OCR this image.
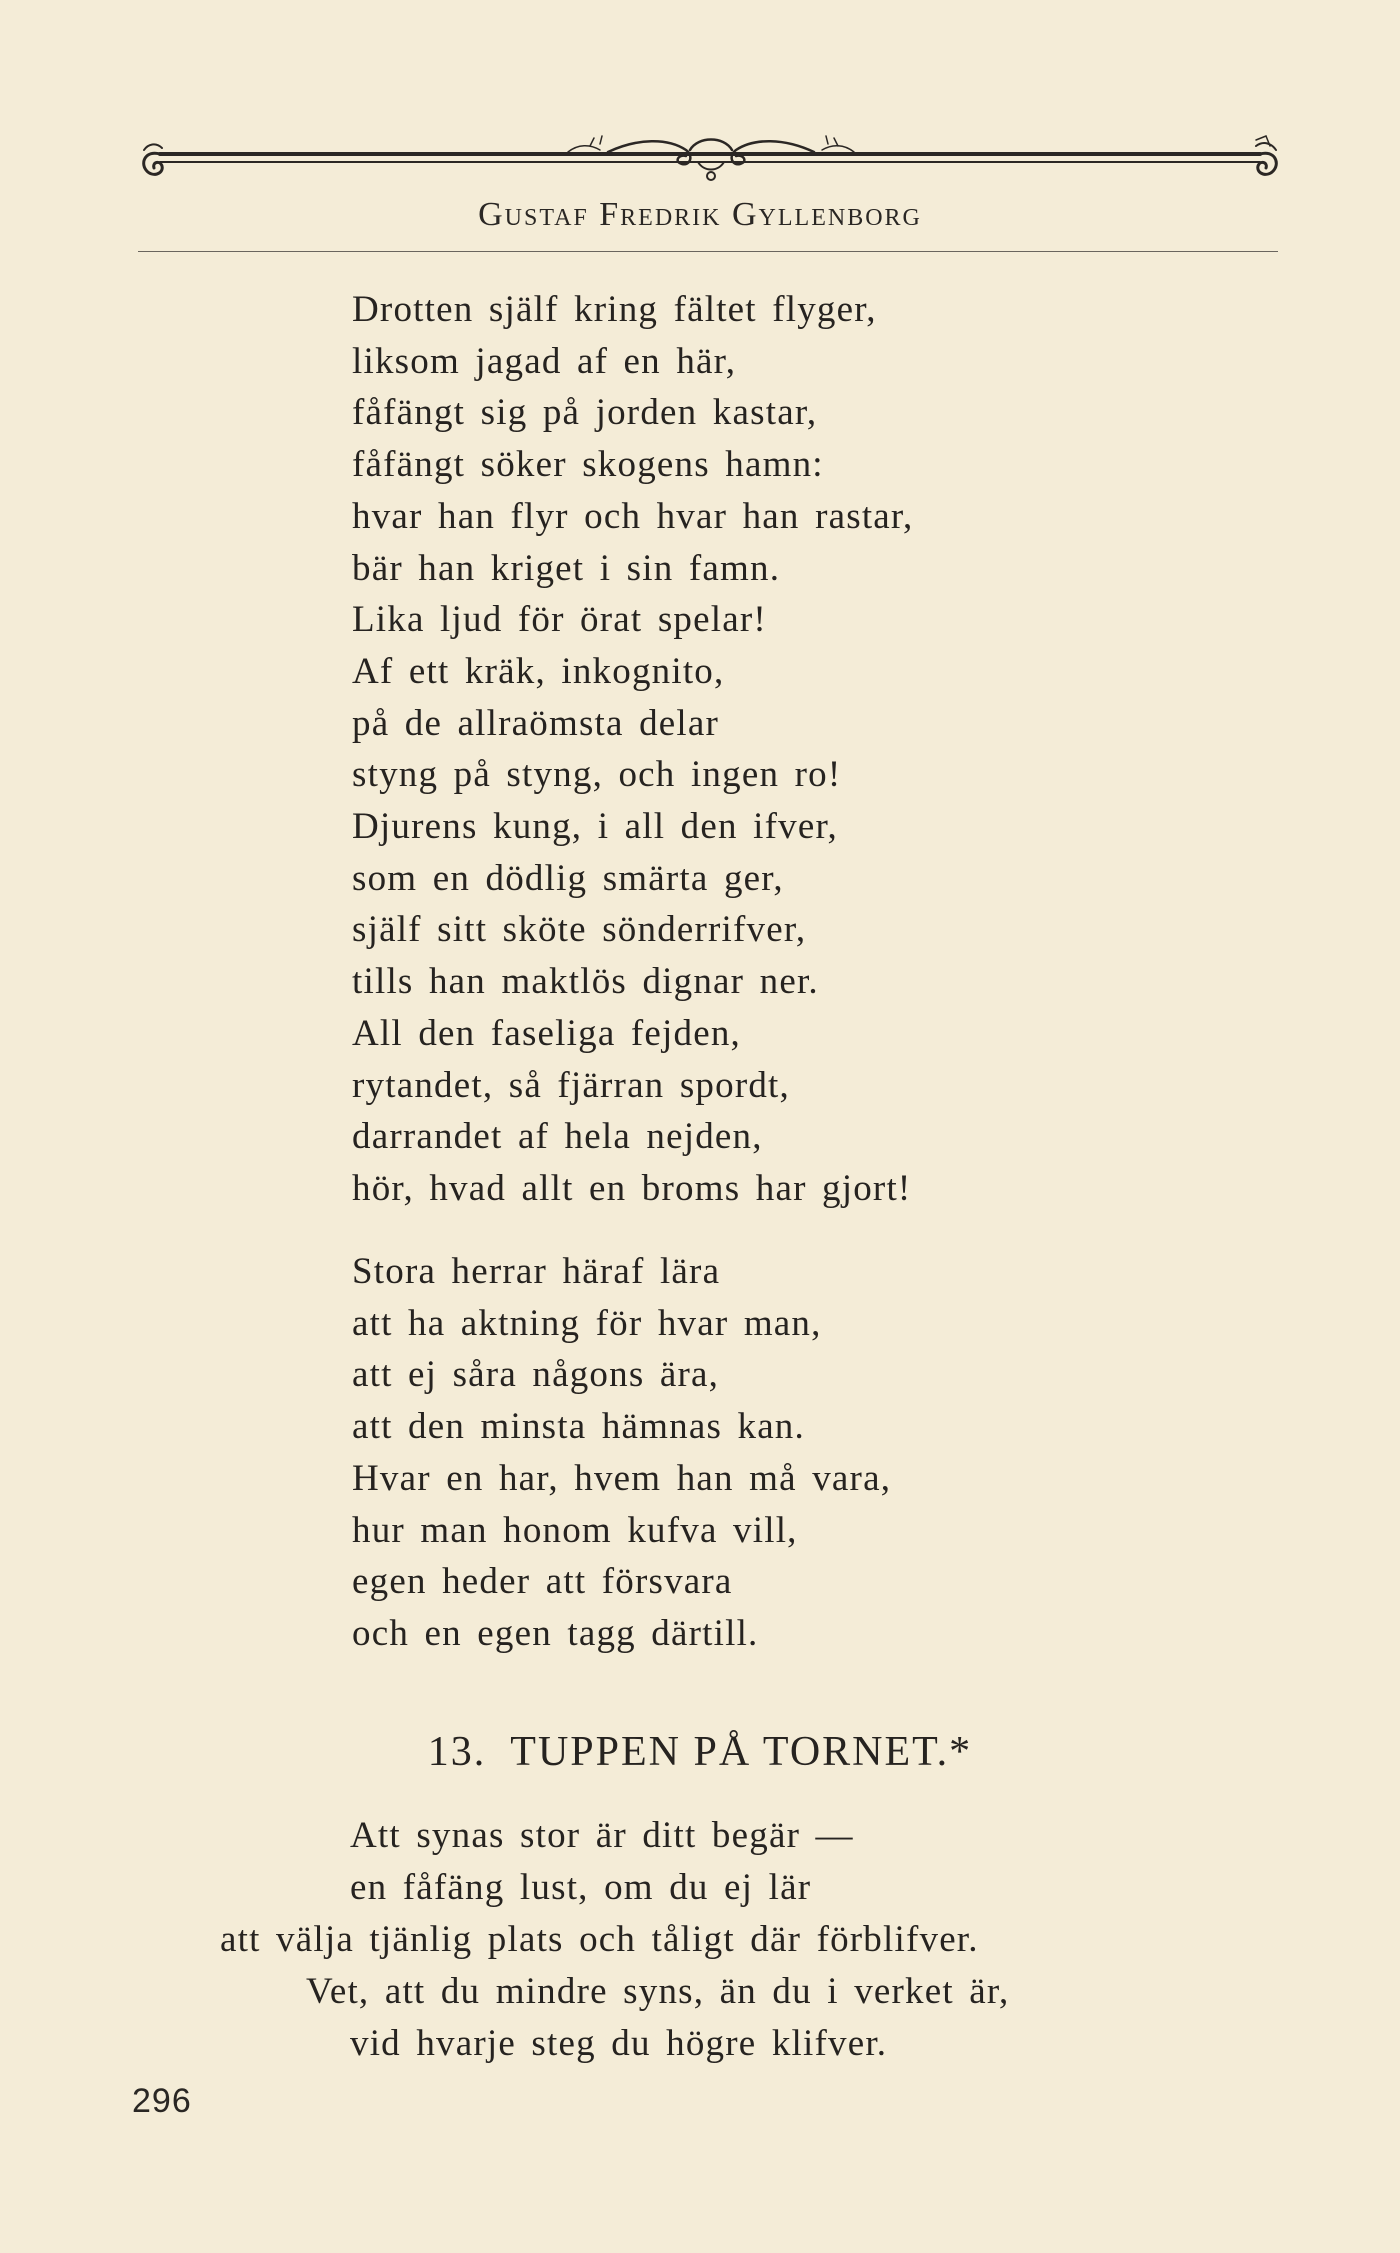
Gustaf Fredrik Gyllenborg
Drotten själf kring fältet flyger,
liksom jagad af en här,
fåfängt sig på jorden kastar,
fåfängt söker skogens hamn:
hvar han flyr och hvar han rastar,
bär han kriget i sin famn.
Lika ljud för örat spelar!
Af ett kräk, inkognito,
på de allraömsta delar
styng på styng, och ingen ro!
Djurens kung, i all den ifver,
som en dödlig smärta ger,
själf sitt sköte sönderrifver,
tills han maktlös dignar ner.
All den faseliga fejden,
rytandet, så fjärran spordt,
darrandet af hela nejden,
hör, hvad allt en broms har gjort!
Stora herrar häraf lära
att ha aktning för hvar man,
att ej såra någons ära,
att den minsta hämnas kan.
Hvar en har, hvem han må vara,
hur man honom kufva vill,
egen heder att försvara
och en egen tagg därtill.
13. TUPPEN PÅ TORNET.*
Att synas stor är ditt begär —
en fåfäng lust, om du ej lär
att välja tjänlig plats och tåligt där förblifver.
Vet, att du mindre syns, än du i verket är,
vid hvarje steg du högre klifver.
296
